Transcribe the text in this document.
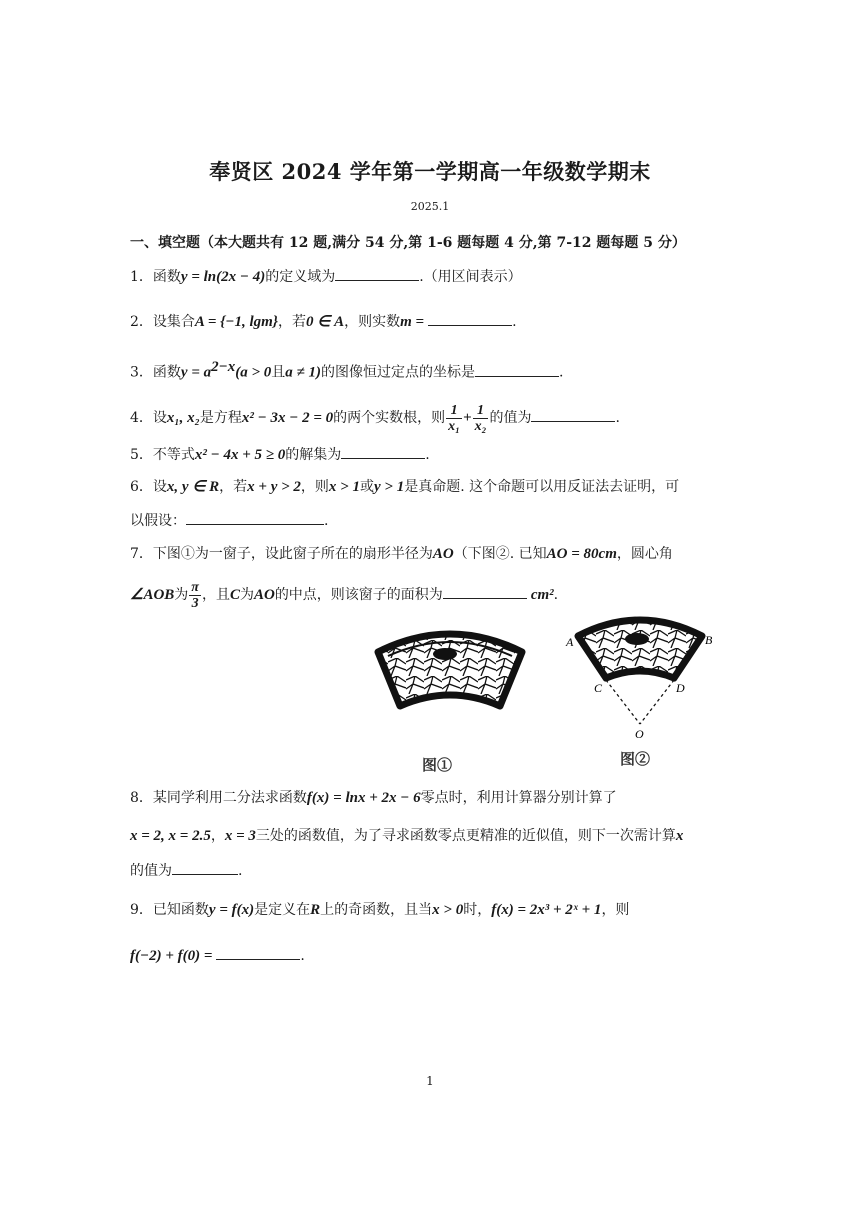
奉贤区 2024 学年第一学期高一年级数学期末
2025.1
一、填空题（本大题共有 12 题,满分 54 分,第 1-6 题每题 4 分,第 7-12 题每题 5 分）
1．函数y = ln(2x − 4)的定义域为	.（用区间表示）
2．设集合A = {−1, lgm}，若0 ∈ A，则实数m =	.
3．函数$y = a^{2-x}(a > 0$且a ≠ 1)的图像恒过定点的坐标是	.
4．设x₁, x₂是方程x² − 3x − 2 = 0的两个实数根，则 $\frac{1}{\text{x₁}} + \frac{1}{\text{x₂}}$ 的值为	.
5．不等式x² − 4x + 5 ≥ 0的解集为	.
6．设x, y ∈ R，若x + y > 2，则x > 1或y > 1是真命题. 这个命题可以用反证法去证明，可
以假设：	.
7．下图①为一窗子，设此窗子所在的扇形半径为AO（下图②. 已知AO = 80cm，圆心角
∠AOB为 $\frac{\pi}{3}$ ，且C为AO的中点，则该窗子的面积为	cm².
图①
A	B
C	D
O
图②
8．某同学利用二分法求函数f(x) = lnx + 2x − 6零点时，利用计算器分别计算了
x = 2, x = 2.5，x = 3三处的函数值，为了寻求函数零点更精准的近似值，则下一次需计算x
的值为	.
9．已知函数y = f(x)是定义在R上的奇函数，且当x > 0时，f(x) = 2x³ + 2ˣ + 1，则
f(−2) + f(0) =	.
1
